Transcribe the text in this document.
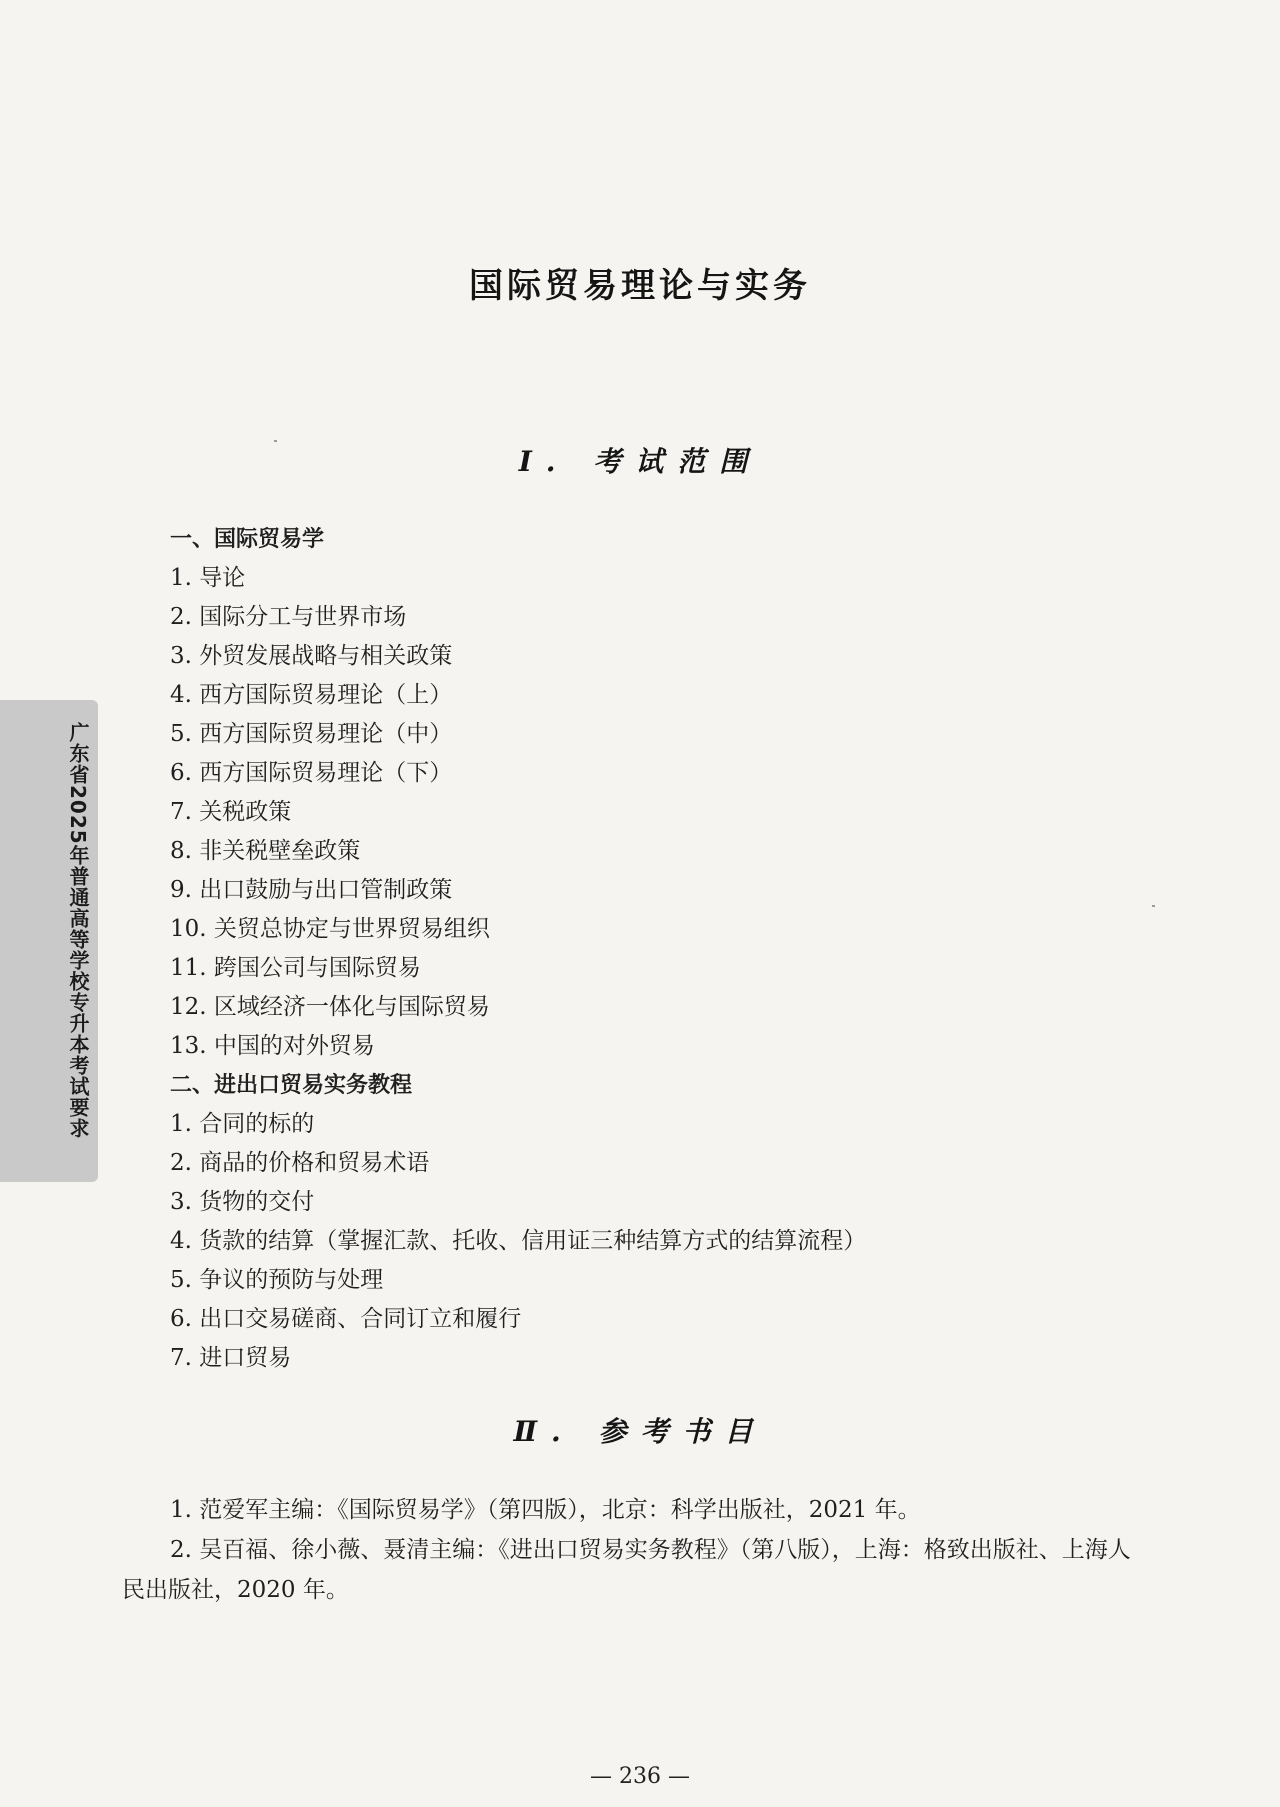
国际贸易理论与实务
Ⅰ. 考试范围
广东省2025年普通高等学校专升本考试要求
一、国际贸易学
1. 导论
2. 国际分工与世界市场
3. 外贸发展战略与相关政策
4. 西方国际贸易理论（上）
5. 西方国际贸易理论（中）
6. 西方国际贸易理论（下）
7. 关税政策
8. 非关税壁垒政策
9. 出口鼓励与出口管制政策
10. 关贸总协定与世界贸易组织
11. 跨国公司与国际贸易
12. 区域经济一体化与国际贸易
13. 中国的对外贸易
二、进出口贸易实务教程
1. 合同的标的
2. 商品的价格和贸易术语
3. 货物的交付
4. 货款的结算（掌握汇款、托收、信用证三种结算方式的结算流程）
5. 争议的预防与处理
6. 出口交易磋商、合同订立和履行
7. 进口贸易
Ⅱ. 参考书目

1. 范爱军主编：《国际贸易学》（第四版），北京：科学出版社，2021 年。

2. 吴百福、徐小薇、聂清主编：《进出口贸易实务教程》（第八版），上海：格致出版社、上海人民出版社，2020 年。

— 236 —
